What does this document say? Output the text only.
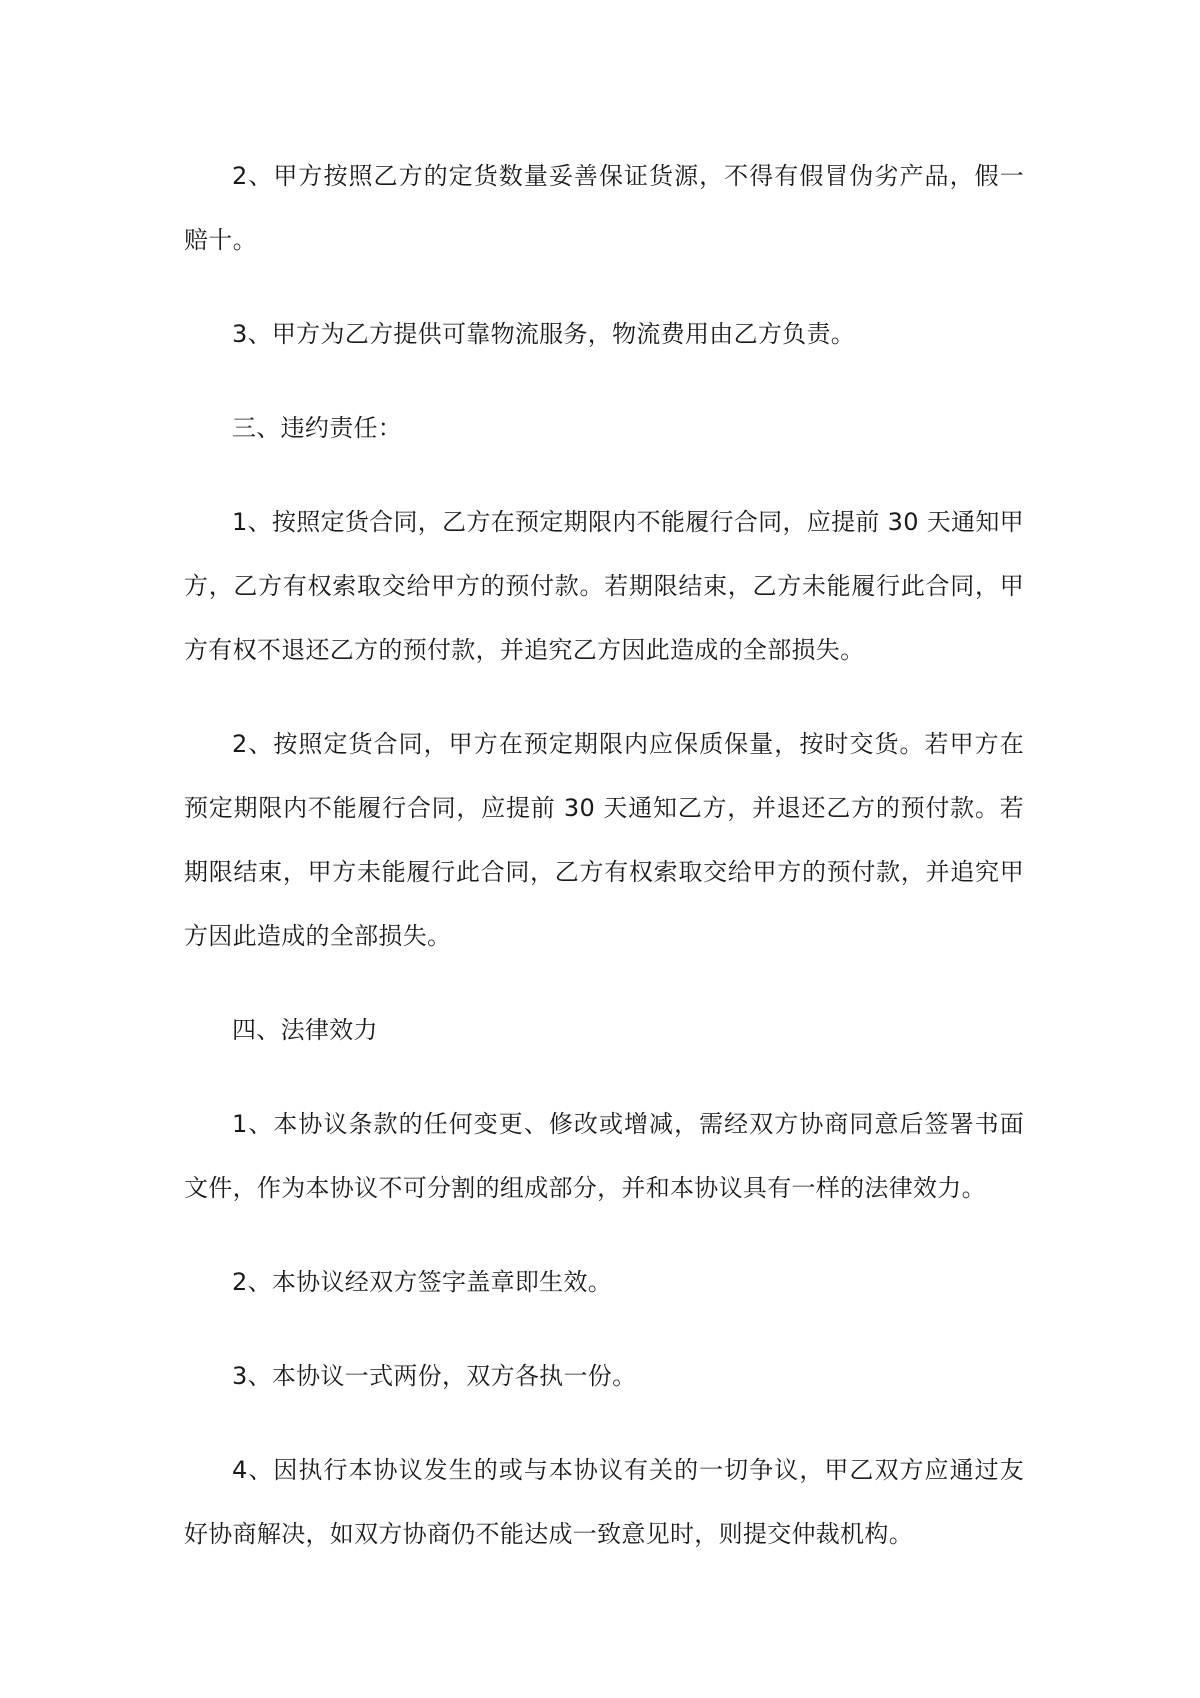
2、甲方按照乙方的定货数量妥善保证货源，不得有假冒伪劣产品，假一赔十。

3、甲方为乙方提供可靠物流服务，物流费用由乙方负责。

三、违约责任：

1、按照定货合同，乙方在预定期限内不能履行合同，应提前 30 天通知甲方，乙方有权索取交给甲方的预付款。若期限结束，乙方未能履行此合同，甲方有权不退还乙方的预付款，并追究乙方因此造成的全部损失。

2、按照定货合同，甲方在预定期限内应保质保量，按时交货。若甲方在预定期限内不能履行合同，应提前 30 天通知乙方，并退还乙方的预付款。若期限结束，甲方未能履行此合同，乙方有权索取交给甲方的预付款，并追究甲方因此造成的全部损失。

四、法律效力

1、本协议条款的任何变更、修改或增减，需经双方协商同意后签署书面文件，作为本协议不可分割的组成部分，并和本协议具有一样的法律效力。

2、本协议经双方签字盖章即生效。

3、本协议一式两份，双方各执一份。

4、因执行本协议发生的或与本协议有关的一切争议，甲乙双方应通过友好协商解决，如双方协商仍不能达成一致意见时，则提交仲裁机构。
